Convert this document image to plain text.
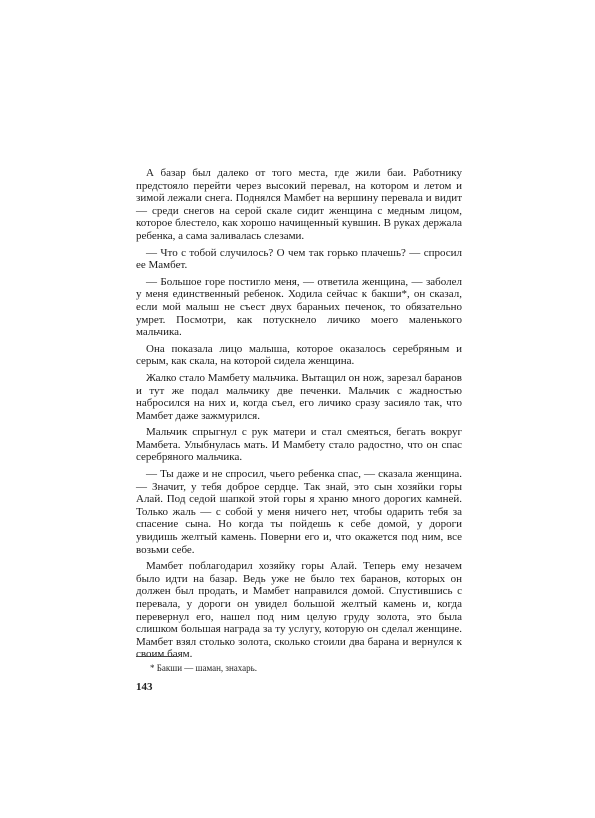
А базар был далеко от того места, где жили баи. Работнику предстояло перейти через высокий перевал, на котором и летом и зимой лежали снега. Поднялся Мамбет на вершину перевала и видит — среди снегов на серой скале сидит женщина с медным лицом, которое блестело, как хорошо начищенный кувшин. В руках держала ребенка, а сама заливалась слезами.

— Что с тобой случилось? О чем так горько плачешь? — спросил ее Мамбет.

— Большое горе постигло меня, — ответила женщина, — заболел у меня единственный ребенок. Ходила сейчас к бакши*, он сказал, если мой малыш не съест двух бараньих печенок, то обязательно умрет. Посмотри, как потускнело личико моего маленького мальчика.

Она показала лицо малыша, которое оказалось серебряным и серым, как скала, на которой сидела женщина.

Жалко стало Мамбету мальчика. Вытащил он нож, зарезал баранов и тут же подал мальчику две печенки. Мальчик с жадностью набросился на них и, когда съел, его личико сразу засияло так, что Мамбет даже зажмурился.

Мальчик спрыгнул с рук матери и стал смеяться, бегать вокруг Мамбета. Улыбнулась мать. И Мамбету стало радостно, что он спас серебряного мальчика.

— Ты даже и не спросил, чьего ребенка спас, — сказала женщина. — Значит, у тебя доброе сердце. Так знай, это сын хозяйки горы Алай. Под седой шапкой этой горы я храню много дорогих камней. Только жаль — с собой у меня ничего нет, чтобы одарить тебя за спасение сына. Но когда ты пойдешь к себе домой, у дороги увидишь желтый камень. Поверни его и, что окажется под ним, все возьми себе.

Мамбет поблагодарил хозяйку горы Алай. Теперь ему незачем было идти на базар. Ведь уже не было тех баранов, которых он должен был продать, и Мамбет направился домой. Спустившись с перевала, у дороги он увидел большой желтый камень и, когда перевернул его, нашел под ним целую груду золота, это была слишком большая награда за ту услугу, которую он сделал женщине. Мамбет взял столько золота, сколько стоили два барана и вернулся к своим баям.

* Бакши — шаман, знахарь.
143
